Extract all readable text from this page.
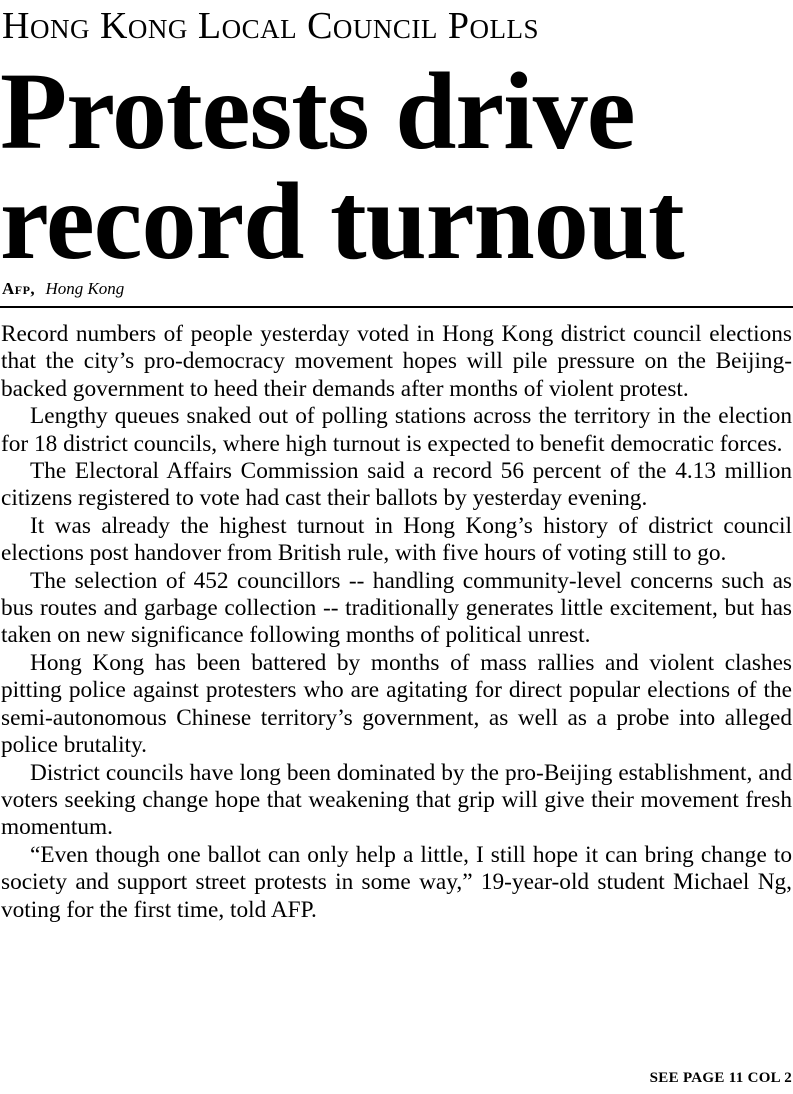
Hong Kong Local Council Polls
Protests drive
record turnout
Afp, Hong Kong

Record numbers of people yesterday voted in Hong Kong district council elections that the city’s pro-democracy movement hopes will pile pressure on the Beijing-backed government to heed their demands after months of violent protest.

Lengthy queues snaked out of polling stations across the territory in the election for 18 district councils, where high turnout is expected to benefit democratic forces.

The Electoral Affairs Commission said a record 56 percent of the 4.13 million citizens registered to vote had cast their ballots by yesterday evening.

It was already the highest turnout in Hong Kong’s history of district council elections post handover from British rule, with five hours of voting still to go.

The selection of 452 councillors -- handling community-level concerns such as bus routes and garbage collection -- traditionally generates little excitement, but has taken on new significance following months of political unrest.

Hong Kong has been battered by months of mass rallies and violent clashes pitting police against protesters who are agitating for direct popular elections of the semi-autonomous Chinese territory’s government, as well as a probe into alleged police brutality.

District councils have long been dominated by the pro-Beijing establishment, and voters seeking change hope that weakening that grip will give their movement fresh momentum.

“Even though one ballot can only help a little, I still hope it can bring change to society and support street protests in some way,” 19-year-old student Michael Ng, voting for the first time, told AFP.

SEE PAGE 11 COL 2
